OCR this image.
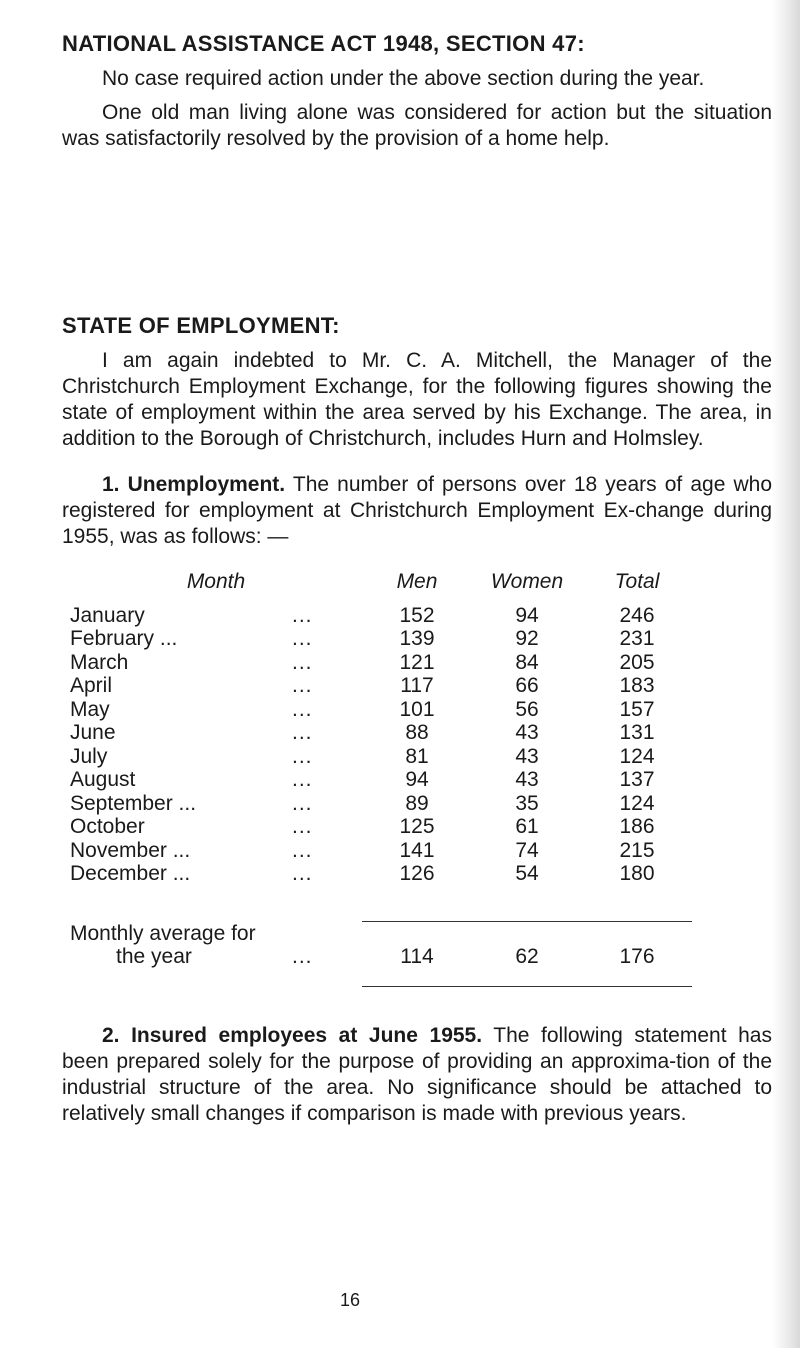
NATIONAL ASSISTANCE ACT 1948, SECTION 47:

No case required action under the above section during the year.

One old man living alone was considered for action but the situation was satisfactorily resolved by the provision of a home help.

STATE OF EMPLOYMENT:

I am again indebted to Mr. C. A. Mitchell, the Manager of the Christchurch Employment Exchange, for the following figures showing the state of employment within the area served by his Exchange. The area, in addition to the Borough of Christchurch, includes Hurn and Holmsley.

1. Unemployment. The number of persons over 18 years of age who registered for employment at Christchurch Employment Ex-change during 1955, was as follows: —

Month		Men	Women	Total
January	...	152	94	246
February ...	...	139	92	231
March	...	121	84	205
April	...	117	66	183
May	...	101	56	157
June	...	88	43	131
July	...	81	43	124
August	...	94	43	137
September ...	...	89	35	124
October	...	125	61	186
November ...	...	141	74	215
December ...	...	126	54	180

Monthly average for				
the year	...	114	62	176

2. Insured employees at June 1955. The following statement has been prepared solely for the purpose of providing an approxima-tion of the industrial structure of the area. No significance should be attached to relatively small changes if comparison is made with previous years.

16
